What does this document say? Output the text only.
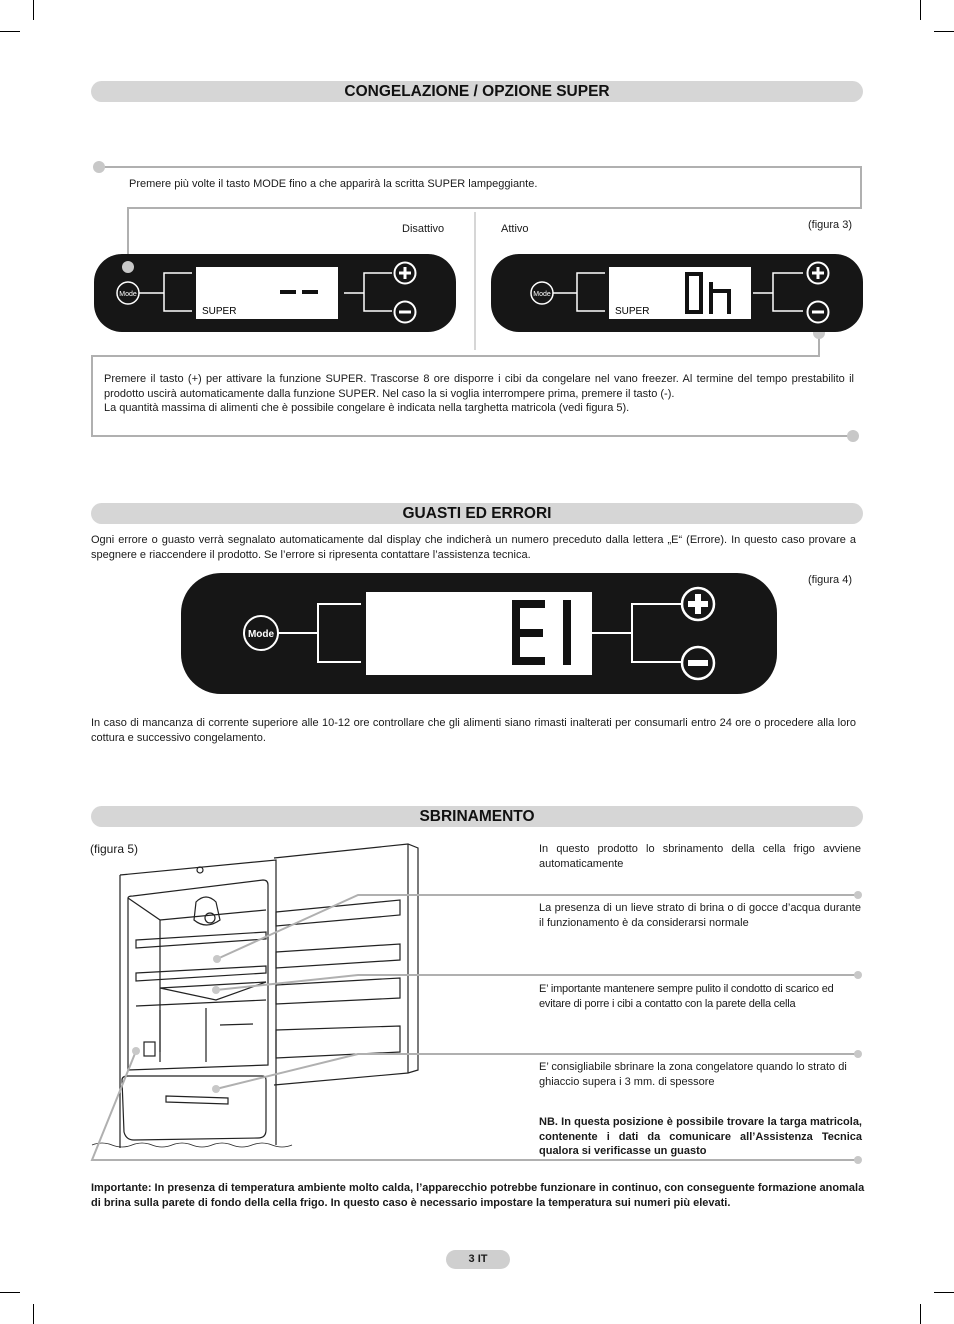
CONGELAZIONE / OPZIONE SUPER
Premere più volte il tasto MODE fino a che apparirà la scritta SUPER lampeggiante.
Disattivo	Attivo	(figura 3)
Mode
SUPER
Mode
SUPER
Premere il tasto (+) per attivare la funzione SUPER. Trascorse 8 ore disporre i cibi da congelare nel vano freezer. Al termine del tempo prestabilito il prodotto uscirà automaticamente dalla funzione SUPER. Nel caso la si voglia interrompere prima, premere il tasto (-).
La quantità massima di alimenti che è possibile congelare è indicata nella targhetta matricola (vedi figura 5).
GUASTI ED ERRORI
Ogni errore o guasto verrà segnalato automaticamente dal display che indicherà un numero preceduto dalla lettera „E“ (Errore). In questo caso provare a spegnere e riaccendere il prodotto. Se l’errore si ripresenta contattare l’assistenza tecnica.
(figura 4)
Mode
In caso di mancanza di corrente superiore alle 10-12 ore controllare che gli alimenti siano rimasti inalterati per consumarli entro 24 ore o procedere alla loro cottura e successivo congelamento.
SBRINAMENTO
(figura 5)	In questo prodotto lo sbrinamento della cella frigo avviene automaticamente
La presenza di un lieve strato di brina o di gocce d’acqua durante il funzionamento è da considerarsi normale
E’ importante mantenere sempre pulito il condotto di scarico ed evitare di porre i cibi a contatto con la parete della cella
E’ consigliabile sbrinare la zona congelatore quando lo strato di ghiaccio supera i 3 mm. di spessore
NB. In questa posizione è possibile trovare la targa matricola, contenente i dati da comunicare all’Assistenza Tecnica qualora si verificasse un guasto
Importante: In presenza di temperatura ambiente molto calda, l’apparecchio potrebbe funzionare in continuo, con conseguente formazione anomala di brina sulla parete di fondo della cella frigo. In questo caso è necessario impostare la temperatura sui numeri più elevati.
3 IT
